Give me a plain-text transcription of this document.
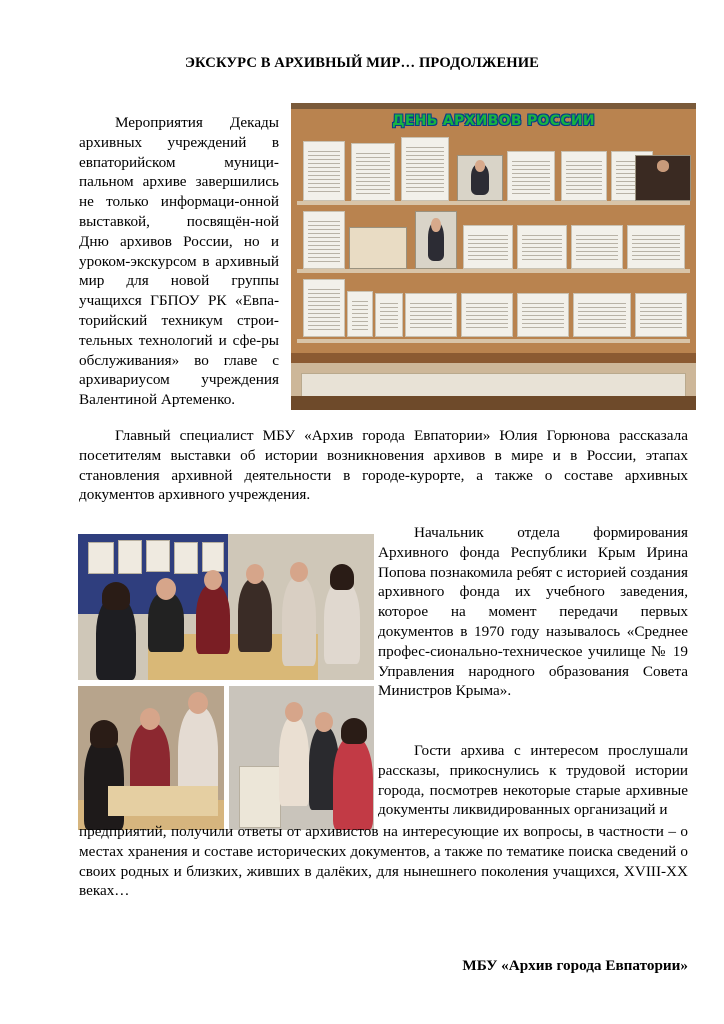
ЭКСКУРС В АРХИВНЫЙ МИР… ПРОДОЛЖЕНИЕ

Мероприятия Декады архивных учреждений в евпаторийском муници-пальном архиве завершились не только информаци-онной выставкой, посвящён-ной Дню архивов России, но и уроком-экскурсом в архивный мир для новой группы учащихся ГБПОУ РК «Евпа-торийский техникум строи-тельных технологий и сфе-ры обслуживания» во главе с архивариусом учреждения Валентиной Артеменко.

ДЕНЬ АРХИВОВ РОССИИ

Главный специалист МБУ «Архив города Евпатории» Юлия Горюнова рассказала посетителям выставки об истории возникновения архивов в мире и в России, этапах становления архивной деятельности в городе-курорте, а также о составе архивных документов архивного учреждения.

Начальник отдела формирования Архивного фонда Республики Крым Ирина Попова познакомила ребят с историей создания архивного фонда их учебного заведения, которое на момент передачи первых документов в 1970 году называлось «Среднее профес-сионально-техническое училище № 19 Управления народного образования Совета Министров Крыма».

Гости архива с интересом прослушали рассказы, прикоснулись к трудовой истории города, посмотрев некоторые старые архивные документы ликвидированных организаций и

предприятий, получили ответы от архивистов на интересующие их вопросы, в частности – о местах хранения и составе исторических документов, а также по тематике поиска сведений о своих родных и близких, живших в далёких, для нынешнего поколения учащихся, XVIII-XX веках…

МБУ «Архив города Евпатории»
